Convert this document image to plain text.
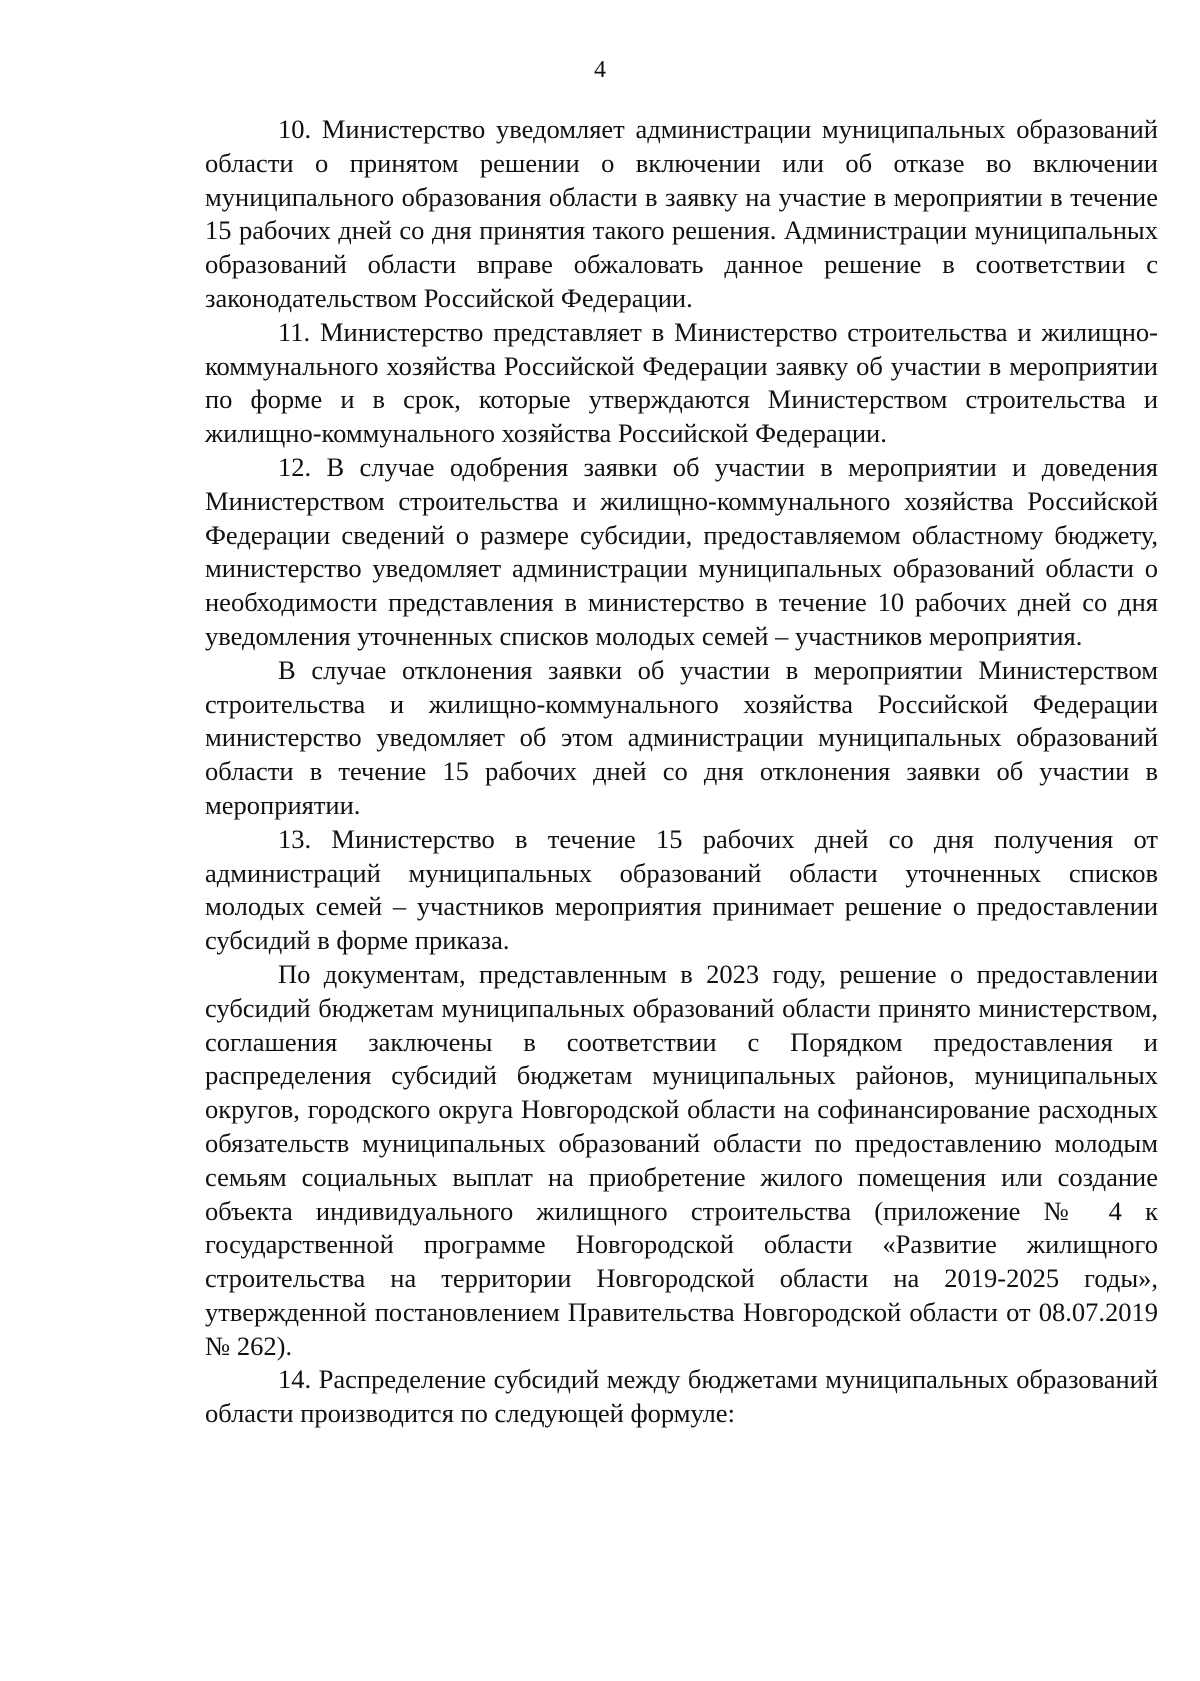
4

10. Министерство уведомляет администрации муниципальных образований области о принятом решении о включении или об отказе во включении муниципального образования области в заявку на участие в мероприятии в течение 15 рабочих дней со дня принятия такого решения. Администрации муниципальных образований области вправе обжаловать данное решение в соответствии с законодательством Российской Федерации.

11. Министерство представляет в Министерство строительства и жилищно-коммунального хозяйства Российской Федерации заявку об участии в мероприятии по форме и в срок, которые утверждаются Министерством строительства и жилищно-коммунального хозяйства Российской Федерации.

12. В случае одобрения заявки об участии в мероприятии и доведения Министерством строительства и жилищно-коммунального хозяйства Российской Федерации сведений о размере субсидии, предоставляемом областному бюджету, министерство уведомляет администрации муниципальных образований области о необходимости представления в министерство в течение 10 рабочих дней со дня уведомления уточненных списков молодых семей – участников мероприятия.

В случае отклонения заявки об участии в мероприятии Министерством строительства и жилищно-коммунального хозяйства Российской Федерации министерство уведомляет об этом администрации муниципальных образований области в течение 15 рабочих дней со дня отклонения заявки об участии в мероприятии.

13. Министерство в течение 15 рабочих дней со дня получения от администраций муниципальных образований области уточненных списков молодых семей – участников мероприятия принимает решение о предоставлении субсидий в форме приказа.

По документам, представленным в 2023 году, решение о предоставлении субсидий бюджетам муниципальных образований области принято министерством, соглашения заключены в соответствии с Порядком предоставления и распределения субсидий бюджетам муниципальных районов, муниципальных округов, городского округа Новгородской области на софинансирование расходных обязательств муниципальных образований области по предоставлению молодым семьям социальных выплат на приобретение жилого помещения или создание объекта индивидуального жилищного строительства (приложение № 4 к государственной программе Новгородской области «Развитие жилищного строительства на территории Новгородской области на 2019-2025 годы», утвержденной постановлением Правительства Новгородской области от 08.07.2019 № 262).

14. Распределение субсидий между бюджетами муниципальных образований области производится по следующей формуле:
